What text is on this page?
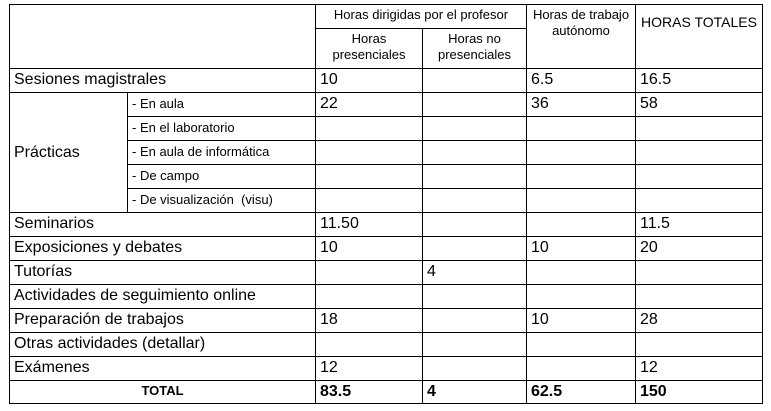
		Horas dirigidas por el profesor		Horas de trabajo autónomo	HORAS TOTALES
		Horas presenciales	Horas no presenciales		
Sesiones magistrales		10		6.5	16.5
Prácticas	- En aula	22		36	58
	- En el laboratorio				
	- En aula de informática				
	- De campo				
	- De visualización  (visu)				
Seminarios		11.50			11.5
Exposiciones y debates		10		10	20
Tutorías			4		
Actividades de seguimiento online					
Preparación de trabajos		18		10	28
Otras actividades (detallar)					
Exámenes		12			12
TOTAL		83.5	4	62.5	150
